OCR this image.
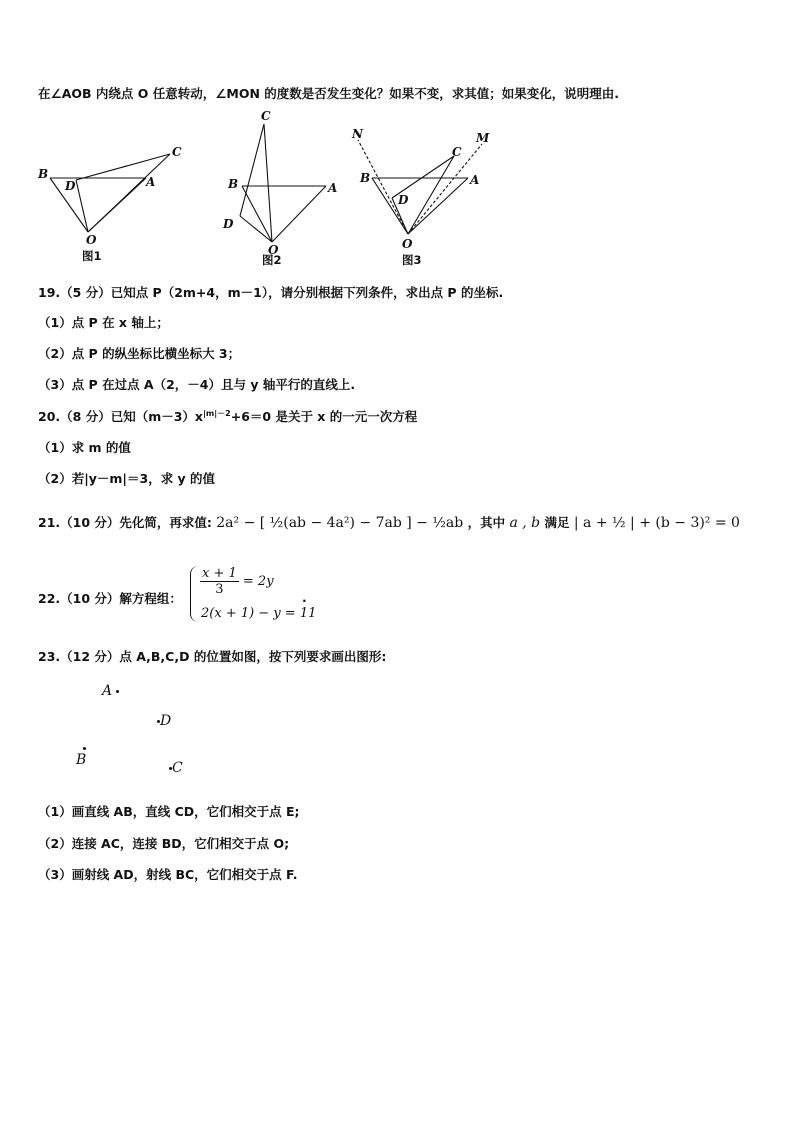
在∠AOB 内绕点 O 任意转动，∠MON 的度数是否发生变化？如果不变，求其值；如果变化，说明理由.
B
D	A
C
O
图1
C
B	A
D
O
图2
N	M
C
B	A
D
O
图3
19.（5 分）已知点 P（2m+4，m－1），请分别根据下列条件，求出点 P 的坐标.
（1）点 P 在 x 轴上；
（2）点 P 的纵坐标比横坐标大 3；
（3）点 P 在过点 A（2，－4）且与 y 轴平行的直线上.
20.（8 分）已知$(m-3)x^{|m|-2}+6=0$ 是关于 x 的一元一次方程
（1）求 m 的值
（2）若|y－m|＝3，求 y 的值
21.（10 分）先化简，再求值: 2a² − [ ½(ab − 4a²) − 7ab ] − ½ab ，其中 a , b 满足 | a + ½ | + (b − 3)² = 0
22.（10 分）解方程组：
$\frac{x + 1}{3} = 2y$
2(x + 1) − y = 11
.
23.（12 分）点 A,B,C,D 的位置如图，按下列要求画出图形:
A
D
B	C
（1）画直线 AB，直线 CD，它们相交于点 E;
（2）连接 AC，连接 BD，它们相交于点 O;
（3）画射线 AD，射线 BC，它们相交于点 F.
